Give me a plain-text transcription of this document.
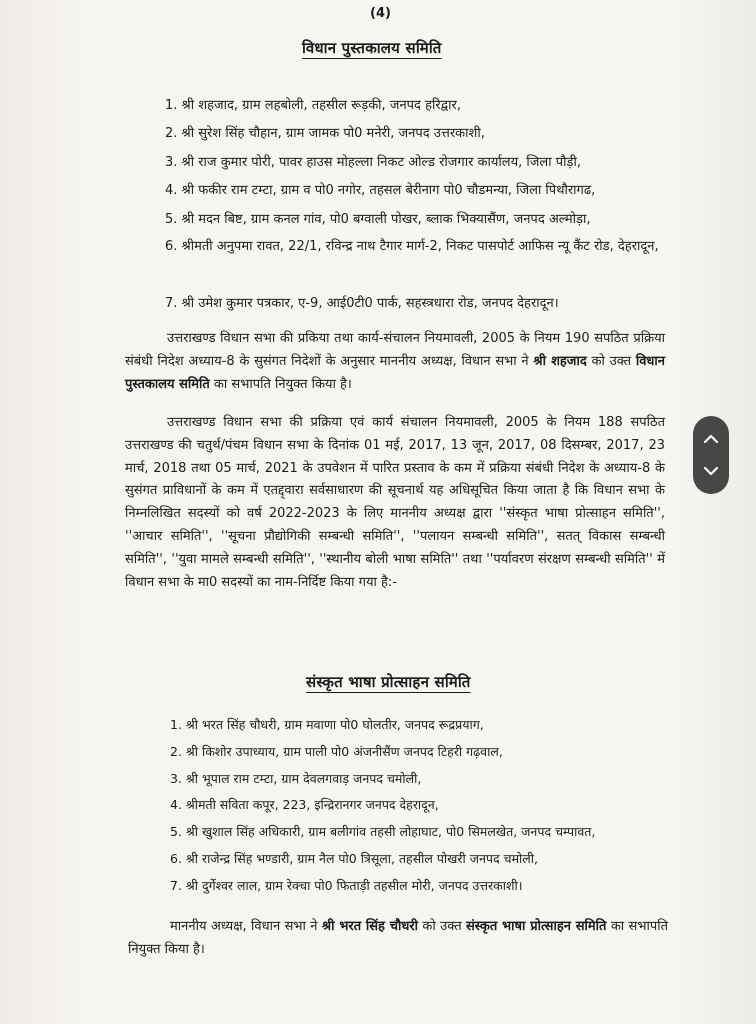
(4)
विधान पुस्तकालय समिति
1. श्री शहजाद, ग्राम लहबोली, तहसील रूड़की, जनपद हरिद्वार,
2. श्री सुरेश सिंह चौहान, ग्राम जामक पो0 मनेरी, जनपद उत्तरकाशी,
3. श्री राज कुमार पोरी, पावर हाउस मोहल्ला निकट ओल्ड रोजगार कार्यालय, जिला पौड़ी,
4. श्री फकीर राम टम्टा, ग्राम व पो0 नगोर, तहसल बेरीनाग पो0 चौडमन्या, जिला पिथौरागढ,
5. श्री मदन बिष्ट, ग्राम कनल गांव, पो0 बग्वाली पोखर, ब्लाक भिक्यासैंण, जनपद अल्मोड़ा,
6. श्रीमती अनुपमा रावत, 22/1, रविन्द्र नाथ टैगार मार्ग-2, निकट पासपोर्ट आफिस न्यू कैंट रोड, देहरादून,
7. श्री उमेश कुमार पत्रकार, ए-9, आई0टी0 पार्क, सहस्त्रधारा रोड, जनपद देहरादून।

उत्तराखण्ड विधान सभा की प्रकिया तथा कार्य-संचालन नियमावली, 2005 के नियम 190 सपठित प्रक्रिया संबंधी निदेश अध्याय-8 के सुसंगत निदेशों के अनुसार माननीय अध्यक्ष, विधान सभा ने श्री शहजाद को उक्त विधान पुस्तकालय समिति का सभापति नियुक्त किया है।

उत्तराखण्ड विधान सभा की प्रक्रिया एवं कार्य संचालन नियमावली, 2005 के नियम 188 सपठित उत्तराखण्ड की चतुर्थ/पंचम विधान सभा के दिनांक 01 मई, 2017, 13 जून, 2017, 08 दिसम्बर, 2017, 23 मार्च, 2018 तथा 05 मार्च, 2021 के उपवेशन में पारित प्रस्ताव के कम में प्रक्रिया संबंधी निदेश के अध्याय-8 के सुसंगत प्राविधानों के कम में एतद्द्वारा सर्वसाधारण की सूचनार्थ यह अधिसूचित किया जाता है कि विधान सभा के निम्नलिखित सदस्यों को वर्ष 2022-2023 के लिए माननीय अध्यक्ष द्वारा ''संस्कृत भाषा प्रोत्साहन समिति'', ''आचार समिति'', ''सूचना प्रौद्योगिकी सम्बन्धी समिति'', ''पलायन सम्बन्धी समिति'', सतत् विकास सम्बन्धी समिति'', ''युवा मामले सम्बन्धी समिति'', ''स्थानीय बोली भाषा समिति'' तथा ''पर्यावरण संरक्षण सम्बन्धी समिति'' में विधान सभा के मा0 सदस्यों का नाम-निर्दिष्ट किया गया है:-

संस्कृत भाषा प्रोत्साहन समिति
1. श्री भरत सिंह चौधरी, ग्राम मवाणा पो0 घोलतीर, जनपद रूद्रप्रयाग,
2. श्री किशोर उपाध्याय, ग्राम पाली पो0 अंजनीसैंण जनपद टिहरी गढ़वाल,
3. श्री भूपाल राम टम्टा, ग्राम देवलगवाड़ जनपद चमोली,
4. श्रीमती सविता कपूर, 223, इन्द्रिरानगर जनपद देहरादून,
5. श्री खुशाल सिंह अधिकारी, ग्राम बलीगांव तहसी लोहाघाट, पो0 सिमलखेत, जनपद चम्पावत,
6. श्री राजेन्द्र सिंह भण्डारी, ग्राम नैल पो0 त्रिसूला, तहसील पोखरी जनपद चमोली,
7. श्री दुर्गेश्वर लाल, ग्राम रेक्चा पो0 फिताड़ी तहसील मोरी, जनपद उत्तरकाशी।

माननीय अध्यक्ष, विधान सभा ने श्री भरत सिंह चौधरी को उक्त संस्कृत भाषा प्रोत्साहन समिति का सभापति नियुक्त किया है।
